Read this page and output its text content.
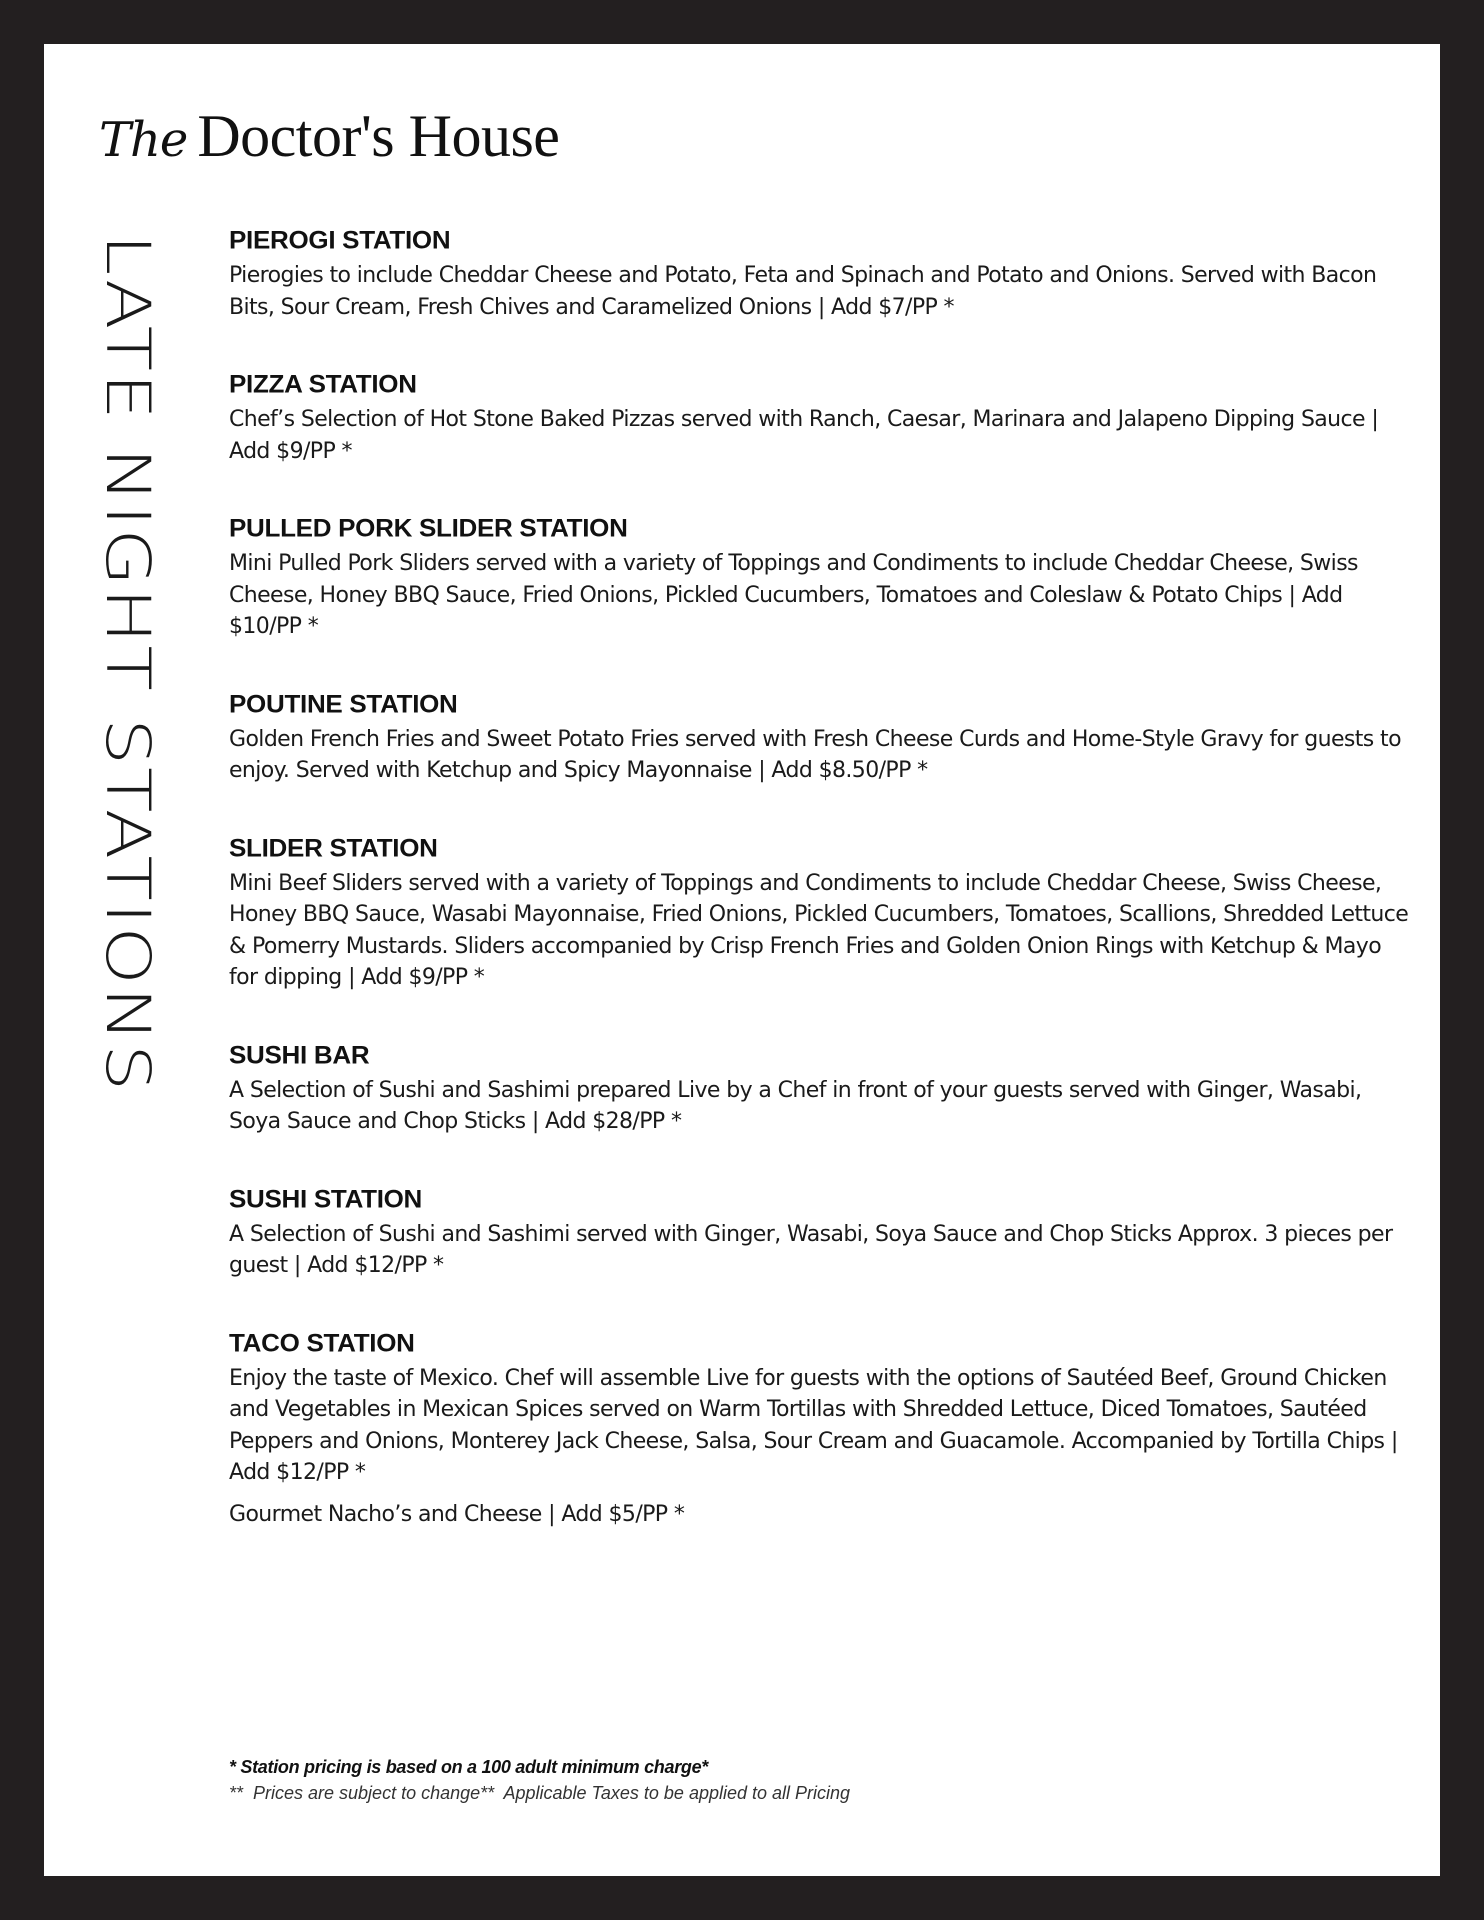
The Doctor's House
LATE NIGHT STATIONS	PIEROGI STATION

Pierogies to include Cheddar Cheese and Potato, Feta and Spinach and Potato and Onions. Served with Bacon Bits, Sour Cream, Fresh Chives and Caramelized Onions | Add $7/PP *

PIZZA STATION

Chef’s Selection of Hot Stone Baked Pizzas served with Ranch, Caesar, Marinara and Jalapeno Dipping Sauce | Add $9/PP *

PULLED PORK SLIDER STATION

Mini Pulled Pork Sliders served with a variety of Toppings and Condiments to include Cheddar Cheese, Swiss Cheese, Honey BBQ Sauce, Fried Onions, Pickled Cucumbers, Tomatoes and Coleslaw & Potato Chips | Add $10/PP *

POUTINE STATION

Golden French Fries and Sweet Potato Fries served with Fresh Cheese Curds and Home-Style Gravy for guests to enjoy. Served with Ketchup and Spicy Mayonnaise | Add $8.50/PP *

SLIDER STATION

Mini Beef Sliders served with a variety of Toppings and Condiments to include Cheddar Cheese, Swiss Cheese, Honey BBQ Sauce, Wasabi Mayonnaise, Fried Onions, Pickled Cucumbers, Tomatoes, Scallions, Shredded Lettuce & Pomerry Mustards. Sliders accompanied by Crisp French Fries and Golden Onion Rings with Ketchup & Mayo for dipping | Add $9/PP *

SUSHI BAR

A Selection of Sushi and Sashimi prepared Live by a Chef in front of your guests served with Ginger, Wasabi, Soya Sauce and Chop Sticks | Add $28/PP *

SUSHI STATION

A Selection of Sushi and Sashimi served with Ginger, Wasabi, Soya Sauce and Chop Sticks Approx. 3 pieces per guest | Add $12/PP *

TACO STATION

Enjoy the taste of Mexico. Chef will assemble Live for guests with the options of Sautéed Beef, Ground Chicken and Vegetables in Mexican Spices served on Warm Tortillas with Shredded Lettuce, Diced Tomatoes, Sautéed Peppers and Onions, Monterey Jack Cheese, Salsa, Sour Cream and Guacamole. Accompanied by Tortilla Chips | Add $12/PP *

Gourmet Nacho’s and Cheese | Add $5/PP *

* Station pricing is based on a 100 adult minimum charge*
**  Prices are subject to change**  Applicable Taxes to be applied to all Pricing
